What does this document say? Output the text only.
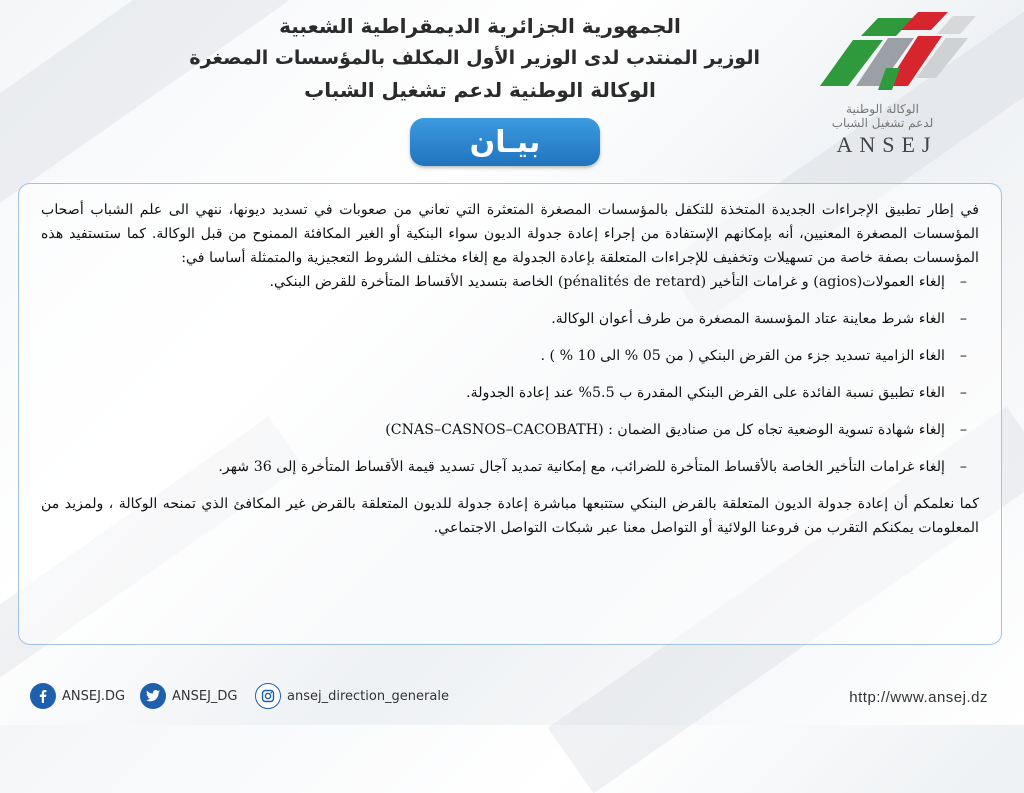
الجمهورية الجزائرية الديمقراطية الشعبية
الوزير المنتدب لدى الوزير الأول المكلف بالمؤسسات المصغرة
الوكالة الوطنية لدعم تشغيل الشباب
الوكالة الوطنية
لدعم تشغيل الشباب
ANSEJ
بيـان

في إطار تطبيق الإجراءات الجديدة المتخذة للتكفل بالمؤسسات المصغرة المتعثرة التي تعاني من صعوبات في تسديد ديونها، ننهي الى علم الشباب أصحاب المؤسسات المصغرة المعنيين، أنه بإمكانهم الإستفادة من إجراء إعادة جدولة الديون سواء البنكية أو الغير المكافئة الممنوح من قبل الوكالة. كما ستستفيد هذه المؤسسات بصفة خاصة من تسهيلات وتخفيف للإجراءات المتعلقة بإعادة الجدولة مع إلغاء مختلف الشروط التعجيزية والمتمثلة أساسا في:

– إلغاء العمولات(agios) و غرامات التأخير (pénalités de retard) الخاصة بتسديد الأقساط المتأخرة للقرض البنكي.
– الغاء شرط معاينة عتاد المؤسسة المصغرة من طرف أعوان الوكالة.
– الغاء الزامية تسديد جزء من القرض البنكي ( من 05 % الى 10 % ) .
– الغاء تطبيق نسبة الفائدة على القرض البنكي المقدرة ب 5.5% عند إعادة الجدولة.
– إلغاء شهادة تسوية الوضعية تجاه كل من صناديق الضمان : (CNAS–CASNOS–CACOBATH)
– إلغاء غرامات التأخير الخاصة بالأقساط المتأخرة للضرائب، مع إمكانية تمديد آجال تسديد قيمة الأقساط المتأخرة إلى 36 شهر.

كما نعلمكم أن إعادة جدولة الديون المتعلقة بالقرض البنكي ستتبعها مباشرة إعادة جدولة للديون المتعلقة بالقرض غير المكافئ الذي تمنحه الوكالة ، ولمزيد من المعلومات يمكنكم التقرب من فروعنا الولائية أو التواصل معنا عبر شبكات التواصل الاجتماعي.

ANSEJ.DG	ANSEJ_DG	ansej_direction_generale	http://www.ansej.dz
